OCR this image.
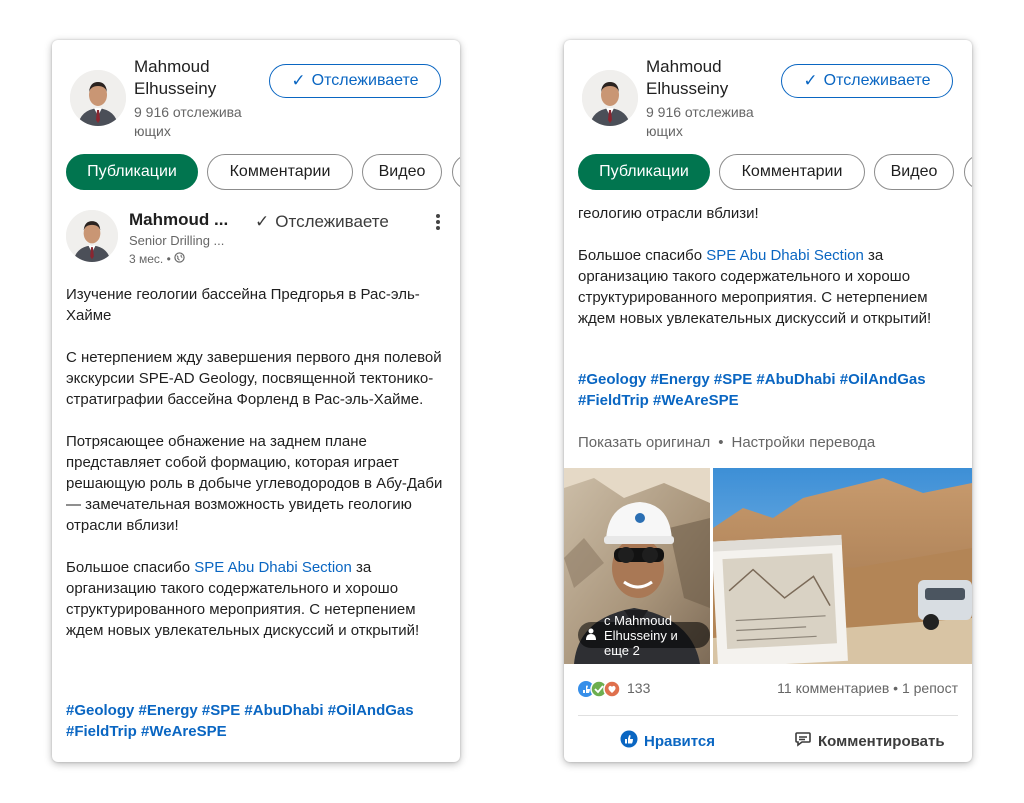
Mahmoud Elhusseiny
9 916 отслежива ющих
✓ Отслеживаете
Публикации	Комментарии	Видео
Mahmoud ...
Senior Drilling ...
3 мес. •
✓ Отслеживаете

Изучение геологии бассейна Предгорья в Рас-эль-Хайме

С нетерпением жду завершения первого дня полевой экскурсии SPE-AD Geology, посвященной тектонико-стратиграфии бассейна Форленд в Рас-эль-Хайме.

Потрясающее обнажение на заднем плане представляет собой формацию, которая играет решающую роль в добыче углеводородов в Абу-Даби — замечательная возможность увидеть геологию отрасли вблизи!

Большое спасибо SPE Abu Dhabi Section за организацию такого содержательного и хорошо структурированного мероприятия. С нетерпением ждем новых увлекательных дискуссий и открытий!

#Geology #Energy #SPE #AbuDhabi #OilAndGas #FieldTrip #WeAreSPE
Mahmoud Elhusseiny
9 916 отслежива ющих
✓ Отслеживаете
Публикации	Комментарии	Видео

геологию отрасли вблизи!

Большое спасибо SPE Abu Dhabi Section за организацию такого содержательного и хорошо структурированного мероприятия. С нетерпением ждем новых увлекательных дискуссий и открытий!

#Geology #Energy #SPE #AbuDhabi #OilAndGas #FieldTrip #WeAreSPE
Показать оригинал • Настройки перевода
с Mahmoud Elhusseiny и еще 2
133	11 комментариев • 1 репост
Нравится	Комментировать
